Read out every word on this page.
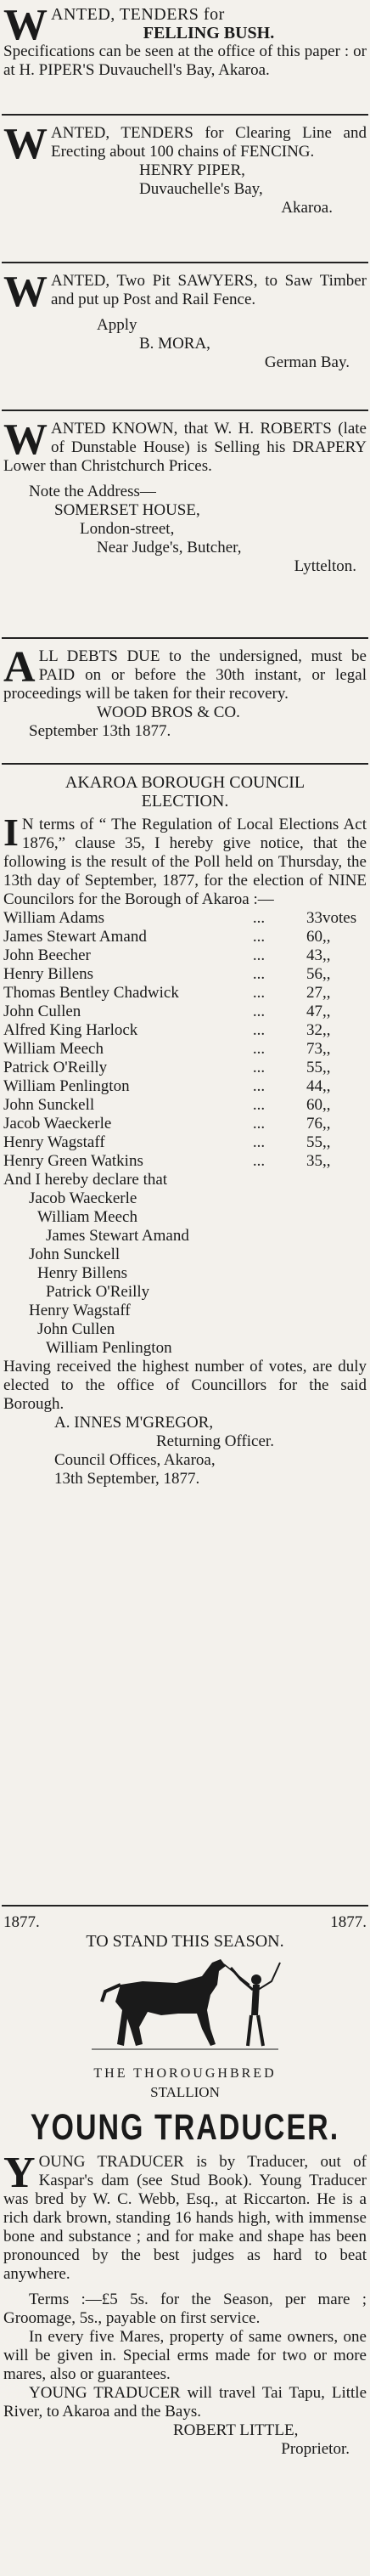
W ANTED, TENDERS for
FELLING BUSH.
Specifications can be seen at the office of this paper : or at H. PIPER'S Duvauchell's Bay, Akaroa.
W ANTED, TENDERS for Clearing Line and Erecting about 100 chains of FENCING.
HENRY PIPER,
Duvauchelle's Bay,
Akaroa.
W ANTED, Two Pit SAWYERS, to Saw Timber and put up Post and Rail Fence.
Apply
B. MORA,
German Bay.
W ANTED KNOWN, that W. H. ROBERTS (late of Dunstable House) is Selling his DRAPERY Lower than Christchurch Prices.
Note the Address—
SOMERSET HOUSE,
London-street,
Near Judge's, Butcher,
Lyttelton.
A LL DEBTS DUE to the undersigned, must be PAID on or before the 30th instant, or legal proceedings will be taken for their recovery.
WOOD BROS & CO.
September 13th 1877.
AKAROA BOROUGH COUNCIL
ELECTION.
I N terms of “ The Regulation of Local Elections Act 1876,” clause 35, I hereby give notice, that the following is the result of the Poll held on Thursday, the 13th day of September, 1877, for the election of NINE Councilors for the Borough of Akaroa :—
William Adams	...	33	votes
James Stewart Amand	...	60	,,
John Beecher	...	43	,,
Henry Billens	...	56	,,
Thomas Bentley Chadwick	...	27	,,
John Cullen	...	47	,,
Alfred King Harlock	...	32	,,
William Meech	...	73	,,
Patrick O'Reilly	...	55	,,
William Penlington	...	44	,,
John Sunckell	...	60	,,
Jacob Waeckerle	...	76	,,
Henry Wagstaff	...	55	,,
Henry Green Watkins	...	35	,,
And I hereby declare that
Jacob Waeckerle
William Meech
James Stewart Amand
John Sunckell
Henry Billens
Patrick O'Reilly
Henry Wagstaff
John Cullen
William Penlington
Having received the highest number of votes, are duly elected to the office of Councillors for the said Borough.
A. INNES M'GREGOR,
Returning Officer.
Council Offices, Akaroa,
13th September, 1877.
1877.	1877.
TO STAND THIS SEASON.
THE THOROUGHBRED
STALLION
YOUNG TRADUCER.
Y OUNG TRADUCER is by Traducer, out of Kaspar's dam (see Stud Book). Young Traducer was bred by W. C. Webb, Esq., at Riccarton. He is a rich dark brown, standing 16 hands high, with immense bone and substance ; and for make and shape has been pronounced by the best judges as hard to beat anywhere.
Terms :—£5 5s. for the Season, per mare ; Groomage, 5s., payable on first service.
In every five Mares, property of same owners, one will be given in. Special erms made for two or more mares, also or guarantees.
YOUNG TRADUCER will travel Tai Tapu, Little River, to Akaroa and the Bays.
ROBERT LITTLE,
Proprietor.
